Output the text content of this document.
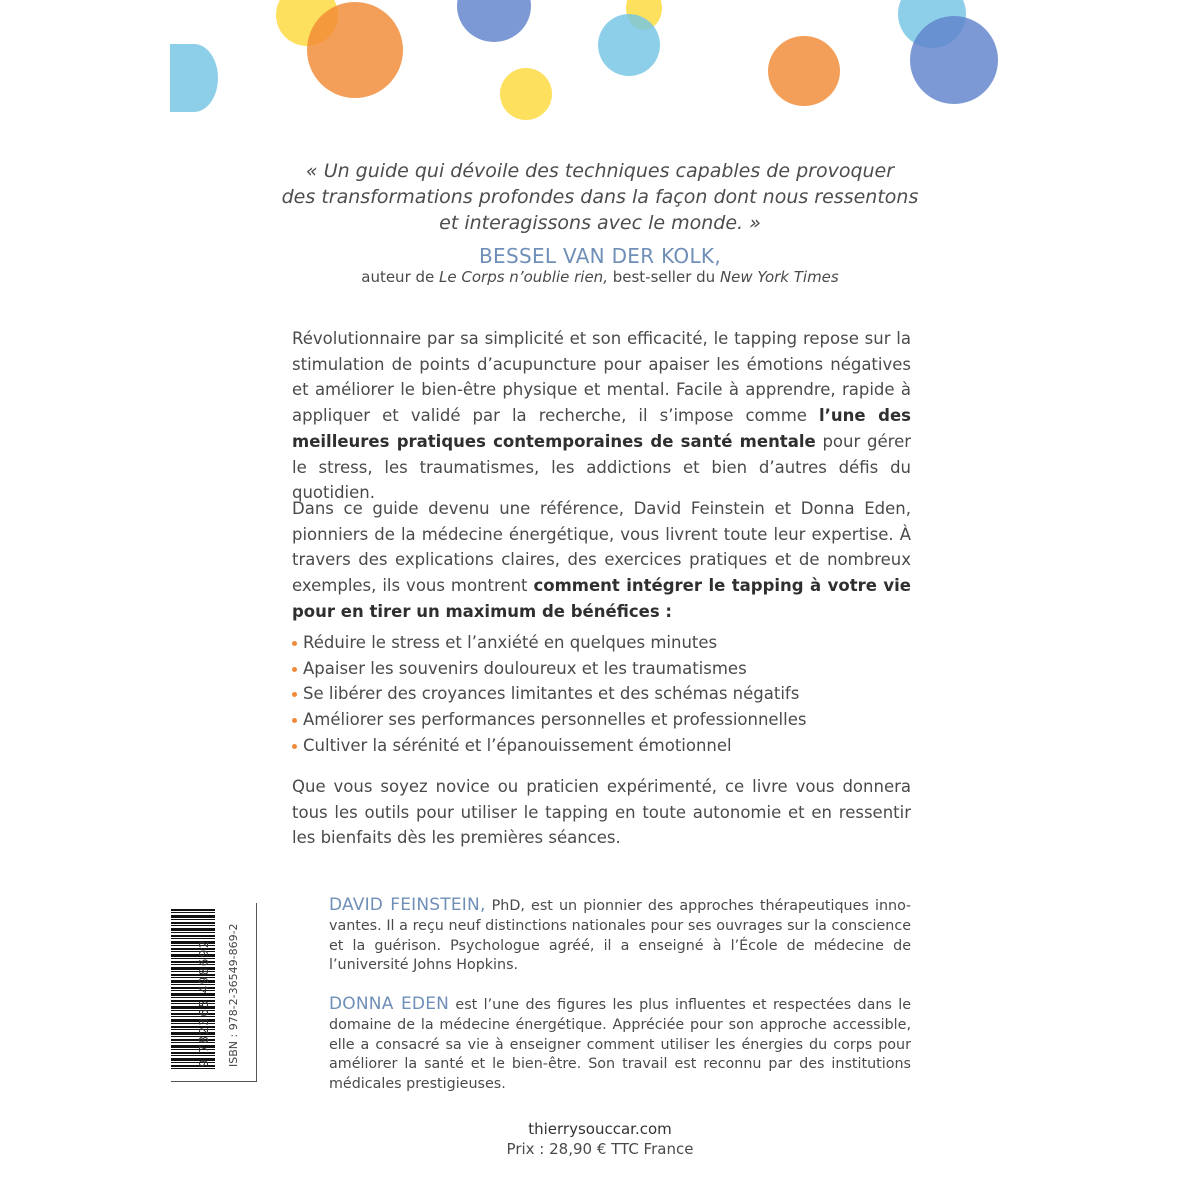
« Un guide qui dévoile des techniques capables de provoquer
des transformations profondes dans la façon dont nous ressentons
et interagissons avec le monde. »

BESSEL VAN DER KOLK,

auteur de Le Corps n’oublie rien, best-seller du New York Times

Révolutionnaire par sa simplicité et son efficacité, le tapping repose sur la stimulation de points d’acupuncture pour apaiser les émotions négatives et améliorer le bien-être physique et mental. Facile à apprendre, rapide à appliquer et validé par la recherche, il s’impose comme l’une des meilleures pratiques contemporaines de santé mentale pour gérer le stress, les traumatismes, les addictions et bien d’autres défis du quotidien.

Dans ce guide devenu une référence, David Feinstein et Donna Eden, pionniers de la médecine énergétique, vous livrent toute leur expertise. À travers des explications claires, des exercices pratiques et de nombreux exemples, ils vous montrent comment intégrer le tapping à votre vie pour en tirer un maximum de bénéfices :

Réduire le stress et l’anxiété en quelques minutes
Apaiser les souvenirs douloureux et les traumatismes
Se libérer des croyances limitantes et des schémas négatifs
Améliorer ses performances personnelles et professionnelles
Cultiver la sérénité et l’épanouissement émotionnel

Que vous soyez novice ou praticien expérimenté, ce livre vous donnera tous les outils pour utiliser le tapping en toute autonomie et en ressentir les bienfaits dès les premières séances.

DAVID FEINSTEIN, PhD, est un pionnier des approches thérapeutiques innovantes. Il a reçu neuf distinctions nationales pour ses ouvrages sur la conscience et la guérison. Psychologue agréé, il a enseigné à l’École de médecine de l’université Johns Hopkins.

DONNA EDEN est l’une des figures les plus influentes et respectées dans le domaine de la médecine énergétique. Appréciée pour son approche accessible, elle a consacré sa vie à enseigner comment utiliser les énergies du corps pour améliorer la santé et le bien-être. Son travail est reconnu par des institutions médicales prestigieuses.

9 782365 498692 ISBN : 978-2-36549-869-2

thierrysouccar.com

Prix : 28,90 € TTC France
